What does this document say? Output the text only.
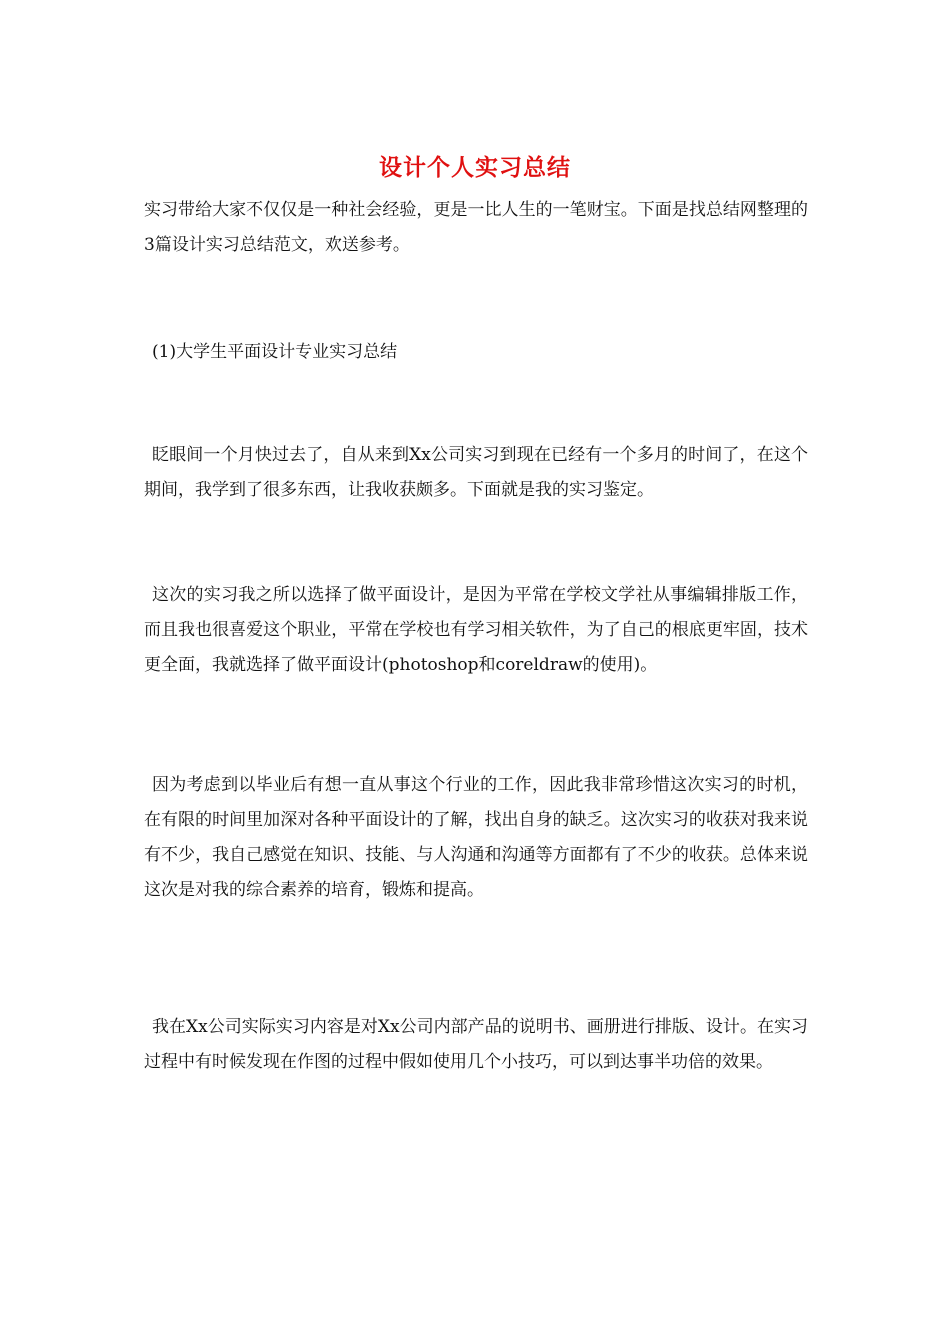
设计个人实习总结
实习带给大家不仅仅是一种社会经验，更是一比人生的一笔财宝。下面是找总结网整理的3篇设计实习总结范文，欢送参考。
(1)大学生平面设计专业实习总结
眨眼间一个月快过去了，自从来到Xx公司实习到现在已经有一个多月的时间了，在这个期间，我学到了很多东西，让我收获颇多。下面就是我的实习鉴定。
这次的实习我之所以选择了做平面设计，是因为平常在学校文学社从事编辑排版工作，而且我也很喜爱这个职业，平常在学校也有学习相关软件，为了自己的根底更牢固，技术更全面，我就选择了做平面设计(photoshop和coreldraw的使用)。
因为考虑到以毕业后有想一直从事这个行业的工作，因此我非常珍惜这次实习的时机，在有限的时间里加深对各种平面设计的了解，找出自身的缺乏。这次实习的收获对我来说有不少，我自己感觉在知识、技能、与人沟通和沟通等方面都有了不少的收获。总体来说这次是对我的综合素养的培育，锻炼和提高。
我在Xx公司实际实习内容是对Xx公司内部产品的说明书、画册进行排版、设计。在实习过程中有时候发现在作图的过程中假如使用几个小技巧，可以到达事半功倍的效果。
